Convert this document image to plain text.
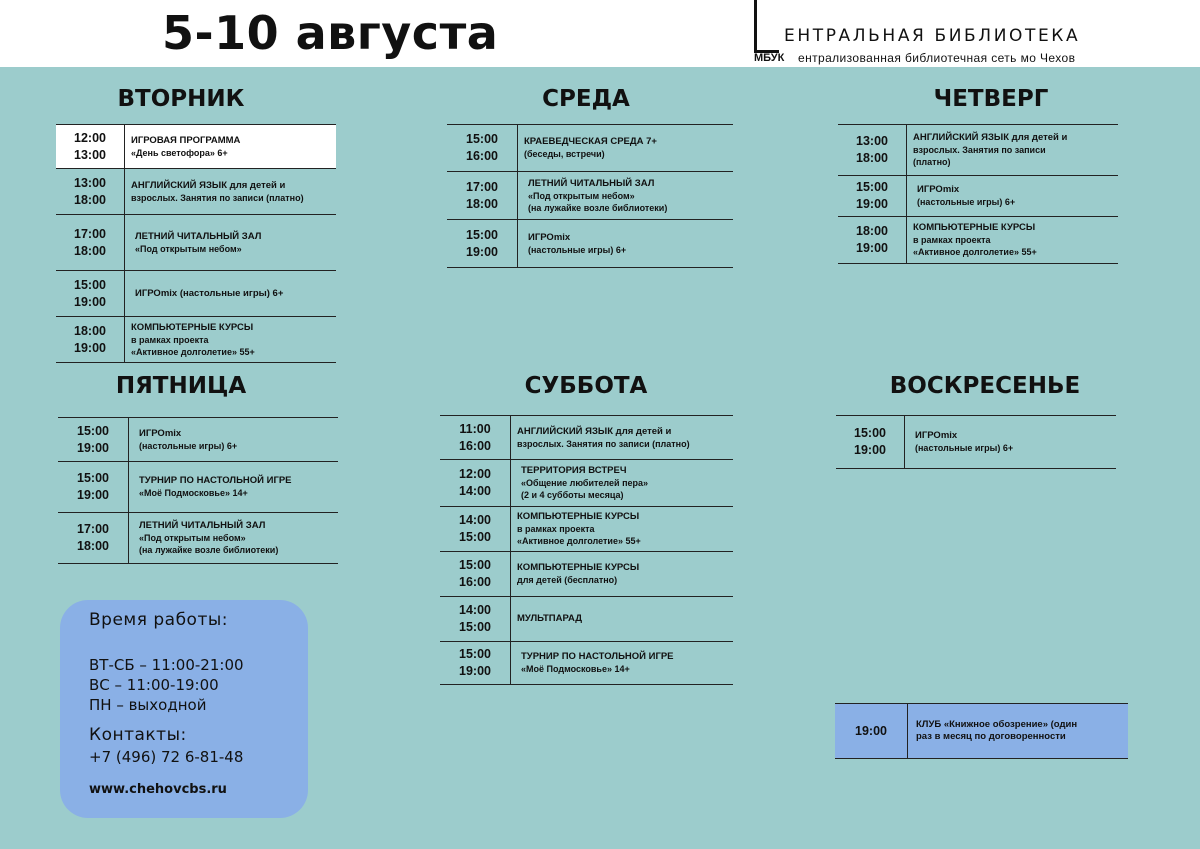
5-10 августа	ЕНТРАЛЬНАЯ БИБЛИОТЕКА
МБУК ентрализованная библиотечная сеть мо Чехов
ВТОРНИК
12:00
13:00
ИГРОВАЯ ПРОГРАММА
«День светофора» 6+
13:00
18:00
АНГЛИЙСКИЙ ЯЗЫК для детей и
взрослых. Занятия по записи (платно)
17:00
18:00
ЛЕТНИЙ ЧИТАЛЬНЫЙ ЗАЛ
«Под открытым небом»
15:00
19:00
ИГРОmix (настольные игры) 6+
18:00
19:00
КОМПЬЮТЕРНЫЕ КУРСЫ
в рамках проекта
«Активное долголетие» 55+
СРЕДА
15:00
16:00
КРАЕВЕДЧЕСКАЯ СРЕДА 7+
(беседы, встречи)
17:00
18:00
ЛЕТНИЙ ЧИТАЛЬНЫЙ ЗАЛ
«Под открытым небом»
(на лужайке возле библиотеки)
15:00
19:00
ИГРОmix
(настольные игры) 6+
ЧЕТВЕРГ
13:00
18:00
АНГЛИЙСКИЙ ЯЗЫК для детей и
взрослых. Занятия по записи
(платно)
15:00
19:00
ИГРОmix
(настольные игры) 6+
18:00
19:00
КОМПЬЮТЕРНЫЕ КУРСЫ
в рамках проекта
«Активное долголетие» 55+
ПЯТНИЦА
15:00
19:00
ИГРОmix
(настольные игры) 6+
15:00
19:00
ТУРНИР ПО НАСТОЛЬНОЙ ИГРЕ
«Моё Подмосковье» 14+
17:00
18:00
ЛЕТНИЙ ЧИТАЛЬНЫЙ ЗАЛ
«Под открытым небом»
(на лужайке возле библиотеки)
СУББОТА
11:00
16:00
АНГЛИЙСКИЙ ЯЗЫК для детей и
взрослых. Занятия по записи (платно)
12:00
14:00
ТЕРРИТОРИЯ ВСТРЕЧ
«Общение любителей пера»
(2 и 4 субботы месяца)
14:00
15:00
КОМПЬЮТЕРНЫЕ КУРСЫ
в рамках проекта
«Активное долголетие» 55+
15:00
16:00
КОМПЬЮТЕРНЫЕ КУРСЫ
для детей (бесплатно)
14:00
15:00
МУЛЬТПАРАД
15:00
19:00
ТУРНИР ПО НАСТОЛЬНОЙ ИГРЕ
«Моё Подмосковье» 14+
ВОСКРЕСЕНЬЕ
15:00
19:00
ИГРОmix
(настольные игры) 6+
19:00	КЛУБ «Книжное обозрение» (один
раз в месяц по договоренности
Время работы:
ВТ-СБ – 11:00-21:00
ВС – 11:00-19:00
ПН – выходной
Контакты:
+7 (496) 72 6-81-48
www.chehovcbs.ru
